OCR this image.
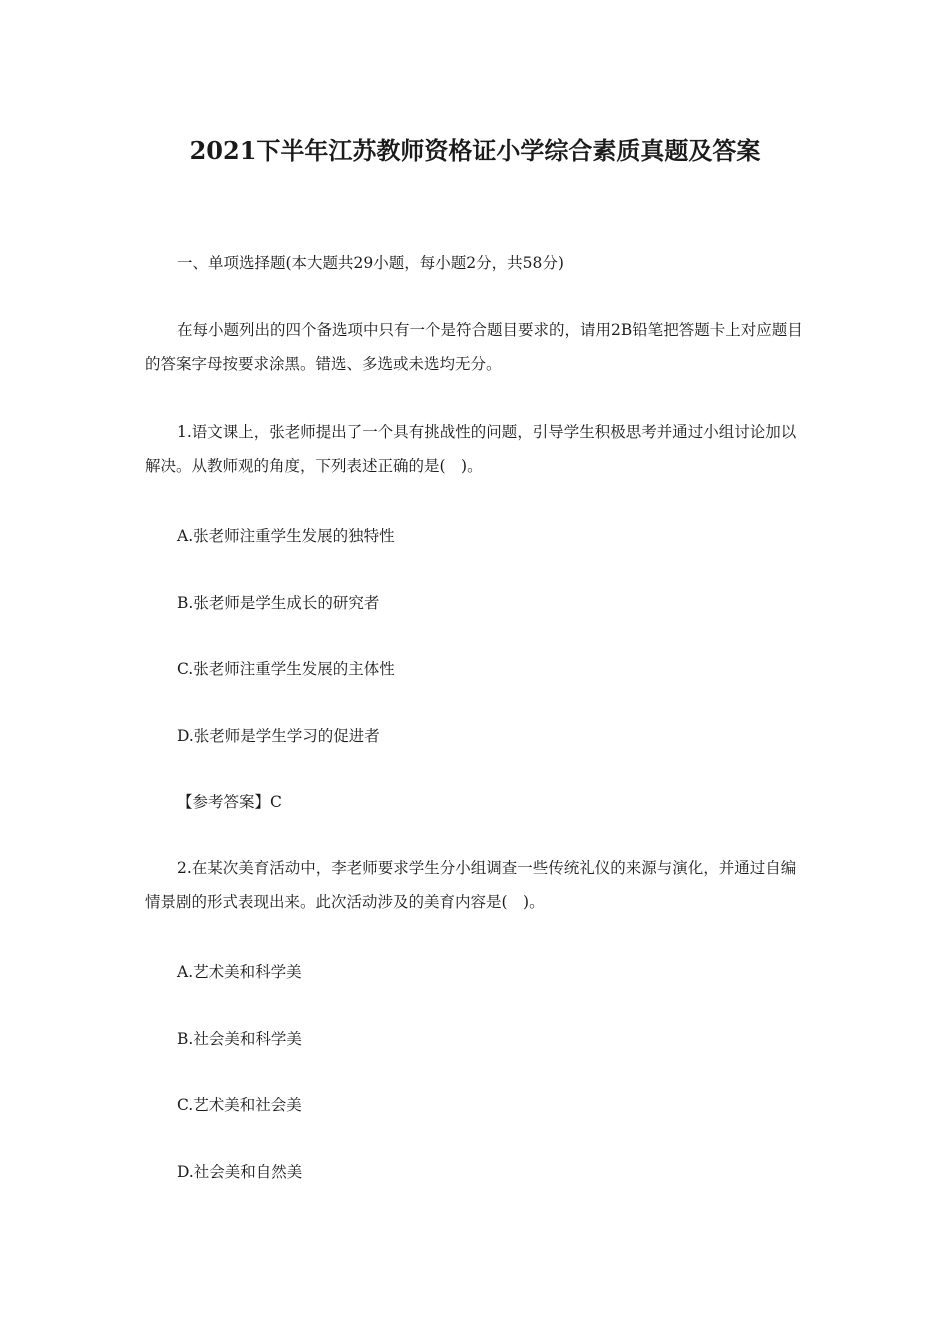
2021下半年江苏教师资格证小学综合素质真题及答案

一、单项选择题(本大题共29小题，每小题2分，共58分)

在每小题列出的四个备选项中只有一个是符合题目要求的，请用2B铅笔把答题卡上对应题目的答案字母按要求涂黑。错选、多选或未选均无分。

1.语文课上，张老师提出了一个具有挑战性的问题，引导学生积极思考并通过小组讨论加以解决。从教师观的角度，下列表述正确的是(　)。

A.张老师注重学生发展的独特性

B.张老师是学生成长的研究者

C.张老师注重学生发展的主体性

D.张老师是学生学习的促进者

【参考答案】C

2.在某次美育活动中，李老师要求学生分小组调查一些传统礼仪的来源与演化，并通过自编情景剧的形式表现出来。此次活动涉及的美育内容是(　)。

A.艺术美和科学美

B.社会美和科学美

C.艺术美和社会美

D.社会美和自然美
